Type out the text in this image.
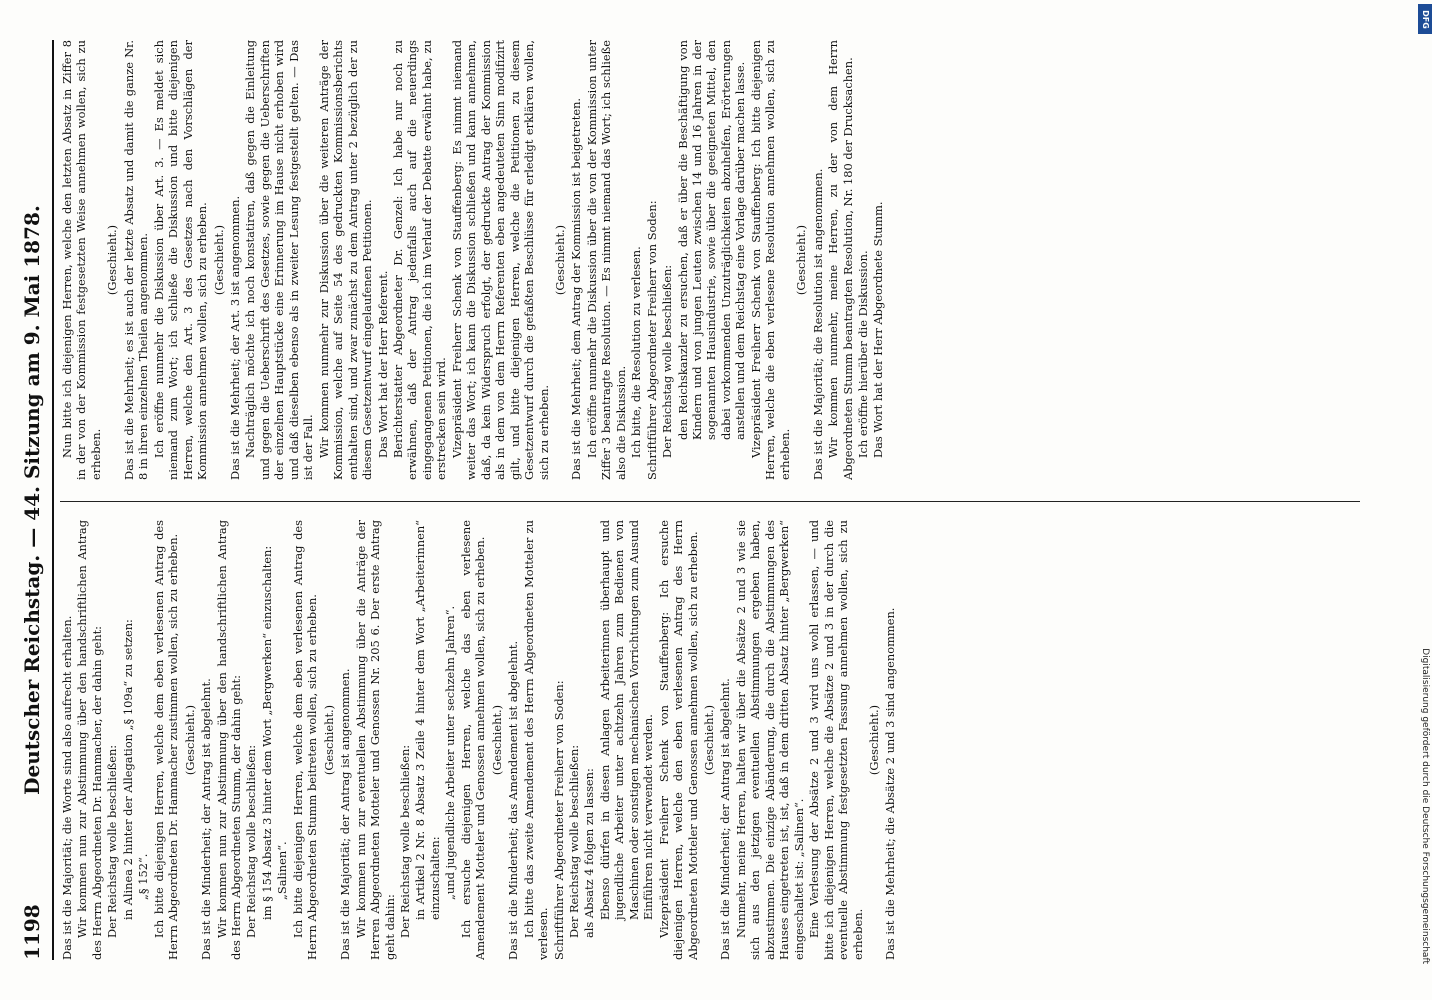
1198
Deutscher Reichstag. — 44. Sitzung am 9. Mai 1878.	Das ist die Majorität; die Worte sind also aufrecht erhalten. Wir kommen nun zur Abstimmung über den handschriftlichen Antrag des Herrn Abgeordneten Dr. Hammacher, der dahin geht: Der Reichstag wolle beschließen: in Alinea 2 hinter der Allegation „§ 109a“ zu setzen: „§ 152“. Ich bitte diejenigen Herren, welche dem eben verlesenen Antrag des Herrn Abgeordneten Dr. Hammacher zustimmen wollen, sich zu erheben. (Geschieht.) Das ist die Minderheit; der Antrag ist abgelehnt. Wir kommen nun zur Abstimmung über den handschriftlichen Antrag des Herrn Abgeordneten Stumm, der dahin geht: Der Reichstag wolle beschließen: im § 154 Absatz 3 hinter dem Wort „Bergwerken“ einzuschalten: „Salinen“. Ich bitte diejenigen Herren, welche dem eben verlesenen Antrag des Herrn Abgeordneten Stumm beitreten wollen, sich zu erheben. (Geschieht.) Das ist die Majorität; der Antrag ist angenommen. Wir kommen nun zur eventuellen Abstimmung über die Anträge der Herren Abgeordneten Motteler und Genossen Nr. 205 6. Der erste Antrag geht dahin: Der Reichstag wolle beschließen: in Artikel 2 Nr. 8 Absatz 3 Zeile 4 hinter dem Wort „Arbeiterinnen“ einzuschalten: „und jugendliche Arbeiter unter sechzehn Jahren“. Ich ersuche diejenigen Herren, welche das eben verlesene Amendement Motteler und Genossen annehmen wollen, sich zu erheben. (Geschieht.) Das ist die Minderheit; das Amendement ist abgelehnt. Ich bitte das zweite Amendement des Herrn Abgeordneten Motteler zu verlesen. Schriftführer Abgeordneter Freiherr von Soden: Der Reichstag wolle beschließen: als Absatz 4 folgen zu lassen: Ebenso dürfen in diesen Anlagen Arbeiterinnen überhaupt und jugendliche Arbeiter unter achtzehn Jahren zum Bedienen von Maschinen oder sonstigen mechanischen Vorrichtungen zum Ausund Einführen nicht verwendet werden. Vizepräsident Freiherr Schenk von Stauffenberg: Ich ersuche diejenigen Herren, welche den eben verlesenen Antrag des Herrn Abgeordneten Motteler und Genossen annehmen wollen, sich zu erheben. (Geschieht.) Das ist die Minderheit; der Antrag ist abgelehnt. Nunmehr, meine Herren, halten wir über die Absätze 2 und 3 wie sie sich aus den jetzigen eventuellen Abstimmungen ergeben haben, abzustimmen. Die einzige Abänderung, die durch die Abstimmungen des Hauses eingetreten ist, ist, daß in dem dritten Absatz hinter „Bergwerken“ eingeschaltet ist: „Salinen“. Eine Verlesung der Absätze 2 und 3 wird uns wohl erlassen, — und bitte ich diejenigen Herren, welche die Absätze 2 und 3 in der durch die eventuelle Abstimmung festgesetzten Fassung annehmen wollen, sich zu erheben.

(Geschieht.) Das ist die Mehrheit; die Absätze 2 und 3 sind angenommen.

Nun bitte ich diejenigen Herren, welche den letzten Absatz in Ziffer 8 in der von der Kommission festgesetzten Weise annehmen wollen, sich zu erheben.

(Geschieht.) Das ist die Mehrheit; es ist auch der letzte Absatz und damit die ganze Nr. 8 in ihren einzelnen Theilen angenommen. Ich eröffne nunmehr die Diskussion über Art. 3. — Es meldet sich niemand zum Wort; ich schließe die Diskussion und bitte diejenigen Herren, welche den Art. 3 des Gesetzes nach den Vorschlägen der Kommission annehmen wollen, sich zu erheben. (Geschieht.) Das ist die Mehrheit; der Art. 3 ist angenommen. Nachträglich möchte ich noch konstatiren, daß gegen die Einleitung und gegen die Ueberschrift des Gesetzes, sowie gegen die Ueberschriften der einzelnen Hauptstücke eine Erinnerung im Hause nicht erhoben wird und daß dieselben ebenso als in zweiter Lesung festgestellt gelten. — Das ist der Fall. Wir kommen nunmehr zur Diskussion über die weiteren Anträge der Kommission, welche auf Seite 54 des gedruckten Kommissionsberichts enthalten sind, und zwar zunächst zu dem Antrag unter 2 bezüglich der zu diesem Gesetzentwurf eingelaufenen Petitionen. Das Wort hat der Herr Referent. Berichterstatter Abgeordneter Dr. Genzel: Ich habe nur noch zu erwähnen, daß der Antrag jedenfalls auch auf die neuerdings eingegangenen Petitionen, die ich im Verlauf der Debatte erwähnt habe, zu erstrecken sein wird. Vizepräsident Freiherr Schenk von Stauffenberg: Es nimmt niemand weiter das Wort; ich kann die Diskussion schließen und kann annehmen, daß, da kein Widerspruch erfolgt, der gedruckte Antrag der Kommission als in dem von dem Herrn Referenten eben angedeuteten Sinn modifizirt gilt, und bitte diejenigen Herren, welche die Petitionen zu diesem Gesetzentwurf durch die gefaßten Beschlüsse für erledigt erklären wollen, sich zu erheben.

(Geschieht.) Das ist die Mehrheit; dem Antrag der Kommission ist beigetreten. Ich eröffne nunmehr die Diskussion über die von der Kommission unter Ziffer 3 beantragte Resolution. — Es nimmt niemand das Wort; ich schließe also die Diskussion. Ich bitte, die Resolution zu verlesen. Schriftführer Abgeordneter Freiherr von Soden: Der Reichstag wolle beschließen: den Reichskanzler zu ersuchen, daß er über die Beschäftigung von Kindern und von jungen Leuten zwischen 14 und 16 Jahren in der sogenannten Hausindustrie, sowie über die geeigneten Mittel, den dabei vorkommenden Unzuträglichkeiten abzuhelfen, Erörterungen anstellen und dem Reichstag eine Vorlage darüber machen lasse. Vizepräsident Freiherr Schenk von Stauffenberg: Ich bitte diejenigen Herren, welche die eben verlesene Resolution annehmen wollen, sich zu erheben.

(Geschieht.) Das ist die Majorität; die Resolution ist angenommen. Wir kommen nunmehr, meine Herren, zu der von dem Herrn Abgeordneten Stumm beantragten Resolution, Nr. 180 der Drucksachen. Ich eröffne hierüber die Diskussion. Das Wort hat der Herr Abgeordnete Stumm.

Digitalisierung gefördert durch die Deutsche Forschungsgemeinschaft
DFG
